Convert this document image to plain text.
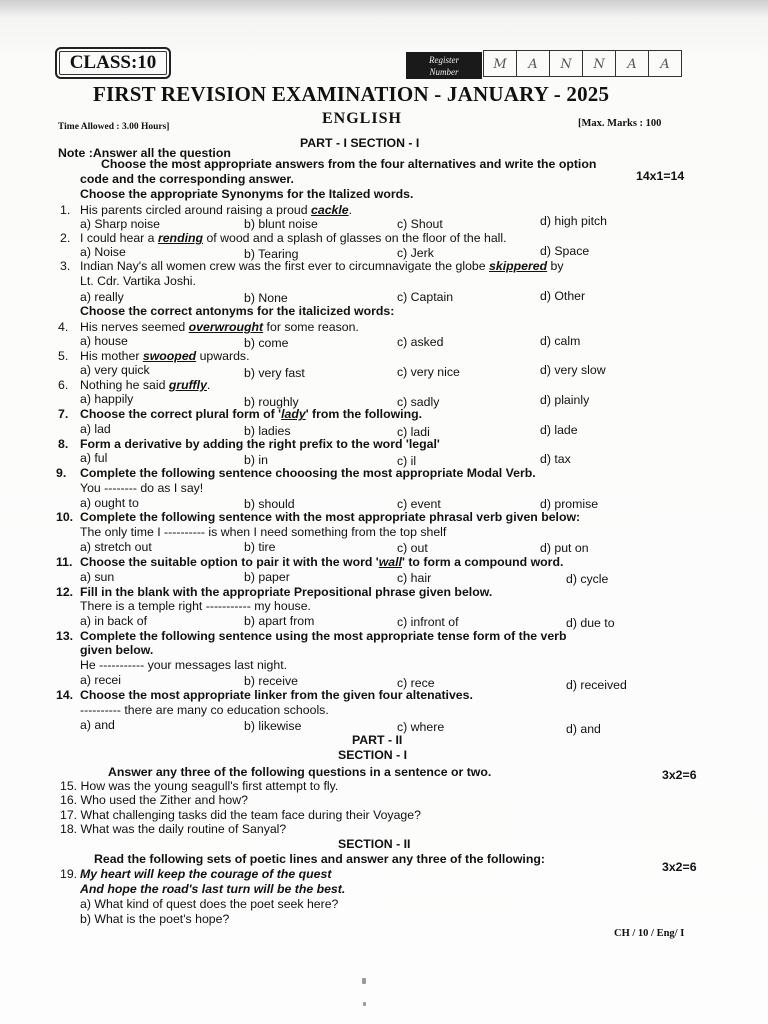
CLASS:10	Register
Number	M	A	N	N	A	A
FIRST REVISION EXAMINATION - JANUARY - 2025
ENGLISH
Time Allowed : 3.00 Hours]	[Max. Marks : 100
PART - I SECTION - I
Note :Answer all the question
Choose the most appropriate answers from the four alternatives and write the option
code and the corresponding answer.	14x1=14
Choose the appropriate Synonyms for the Italized words.
1. His parents circled around raising a proud cackle.
a) Sharp noise	b) blunt noise	c) Shout	d) high pitch
2. I could hear a rending of wood and a splash of glasses on the floor of the hall.
a) Noise	b) Tearing	c) Jerk	d) Space
3. Indian Nay's all women crew was the first ever to circumnavigate the globe skippered by
Lt. Cdr. Vartika Joshi.
a) really	b) None	c) Captain	d) Other
Choose the correct antonyms for the italicized words:
4. His nerves seemed overwrought for some reason.
a) house	b) come	c) asked	d) calm
5. His mother swooped upwards.
a) very quick	b) very fast	c) very nice	d) very slow
6. Nothing he said gruffly.
a) happily	b) roughly	c) sadly	d) plainly
7. Choose the correct plural form of 'lady' from the following.
a) lad	b) ladies	c) ladi	d) lade
8. Form a derivative by adding the right prefix to the word 'legal'
a) ful	b) in	c) il	d) tax
9. Complete the following sentence chooosing the most appropriate Modal Verb.
You -------- do as I say!
a) ought to	b) should	c) event	d) promise
10. Complete the following sentence with the most appropriate phrasal verb given below:
The only time I ---------- is when I need something from the top shelf
a) stretch out	b) tire	c) out	d) put on
11. Choose the suitable option to pair it with the word 'wall' to form a compound word.
a) sun	b) paper	c) hair	d) cycle
12. Fill in the blank with the appropriate Prepositional phrase given below.
There is a temple right ----------- my house.
a) in back of	b) apart from	c) infront of	d) due to
13. Complete the following sentence using the most appropriate tense form of the verb
given below.
He ----------- your messages last night.
a) recei	b) receive	c) rece	d) received
14. Choose the most appropriate linker from the given four altenatives.
---------- there are many co education schools.
a) and	b) likewise	c) where	d) and
PART - II
SECTION - I
Answer any three of the following questions in a sentence or two.	3x2=6
15. How was the young seagull's first attempt to fly.
16. Who used the Zither and how?
17. What challenging tasks did the team face during their Voyage?
18. What was the daily routine of Sanyal?
SECTION - II
Read the following sets of poetic lines and answer any three of the following:
3x2=6
19. My heart will keep the courage of the quest
And hope the road's last turn will be the best.
a) What kind of quest does the poet seek here?
b) What is the poet's hope?
CH / 10 / Eng/ I
